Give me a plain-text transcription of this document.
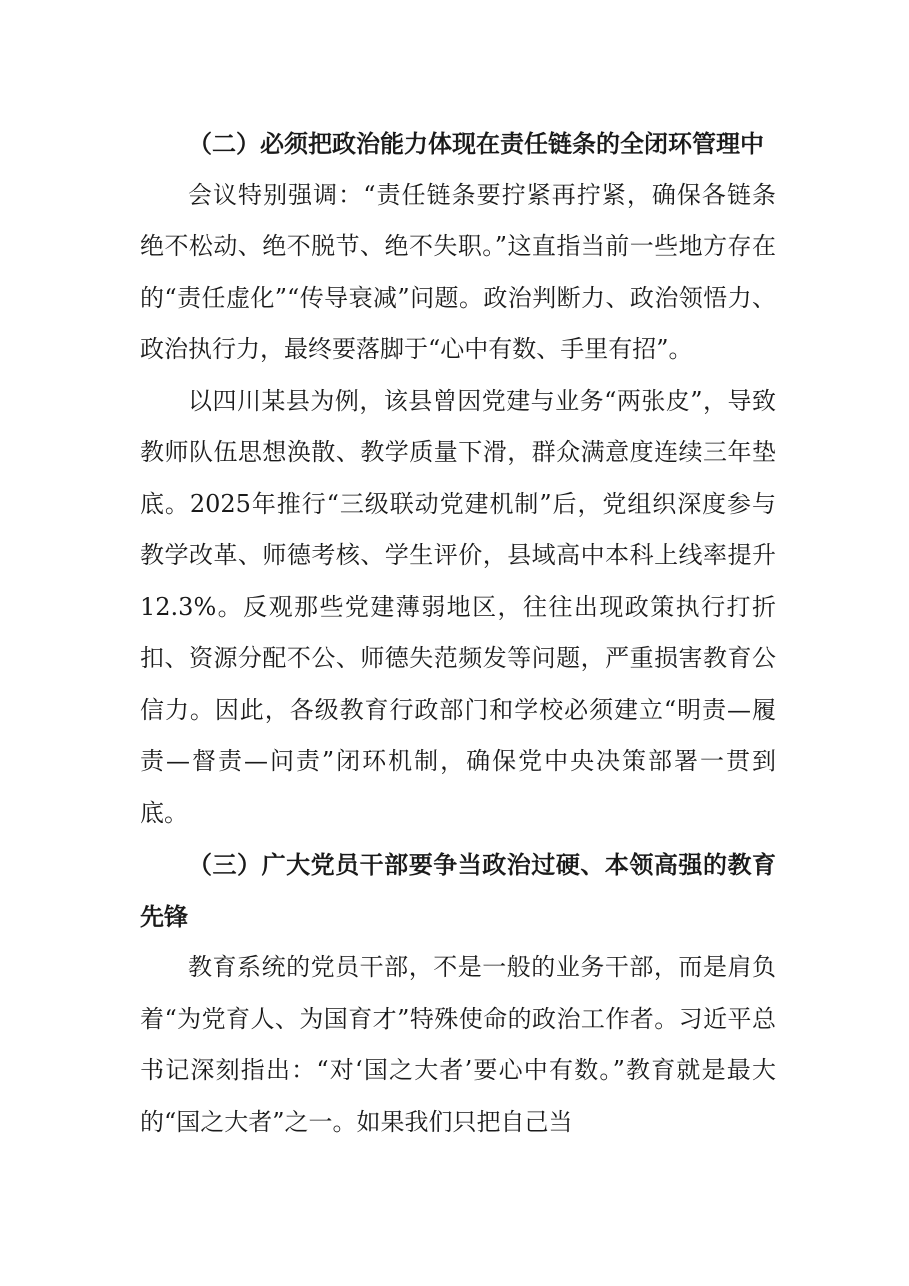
（二）必须把政治能力体现在责任链条的全闭环管理中

会议特别强调：“责任链条要拧紧再拧紧，确保各链条绝不松动、绝不脱节、绝不失职。”这直指当前一些地方存在的“责任虚化”“传导衰减”问题。政治判断力、政治领悟力、政治执行力，最终要落脚于“心中有数、手里有招”。

以四川某县为例，该县曾因党建与业务“两张皮”，导致教师队伍思想涣散、教学质量下滑，群众满意度连续三年垫底。2025年推行“三级联动党建机制”后，党组织深度参与教学改革、师德考核、学生评价，县域高中本科上线率提升12.3%。反观那些党建薄弱地区，往往出现政策执行打折扣、资源分配不公、师德失范频发等问题，严重损害教育公信力。因此，各级教育行政部门和学校必须建立“明责—履责—督责—问责”闭环机制，确保党中央决策部署一贯到底。

（三）广大党员干部要争当政治过硬、本领高强的教育先锋

教育系统的党员干部，不是一般的业务干部，而是肩负着“为党育人、为国育才”特殊使命的政治工作者。习近平总书记深刻指出：“对‘国之大者’要心中有数。”教育就是最大的“国之大者”之一。如果我们只把自己当
